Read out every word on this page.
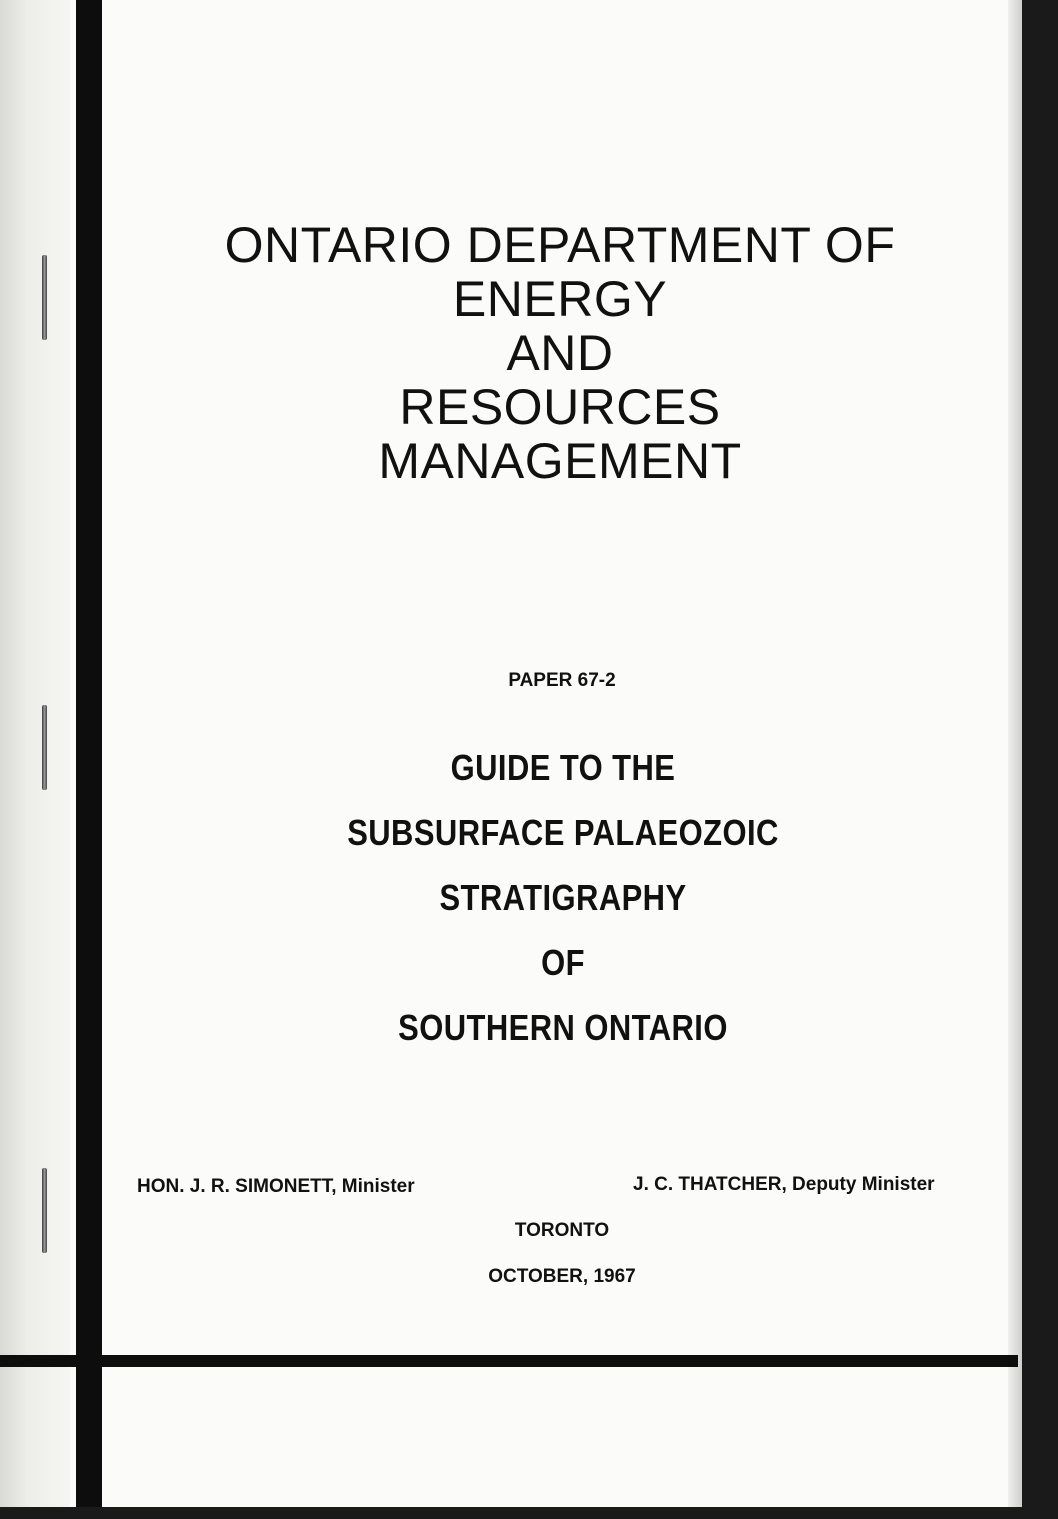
ONTARIO DEPARTMENT OF
ENERGY
AND
RESOURCES
MANAGEMENT
PAPER 67-2
GUIDE TO THE
SUBSURFACE PALAEOZOIC
STRATIGRAPHY
OF
SOUTHERN ONTARIO
HON. J. R. SIMONETT, Minister	J. C. THATCHER, Deputy Minister
TORONTO
OCTOBER, 1967
